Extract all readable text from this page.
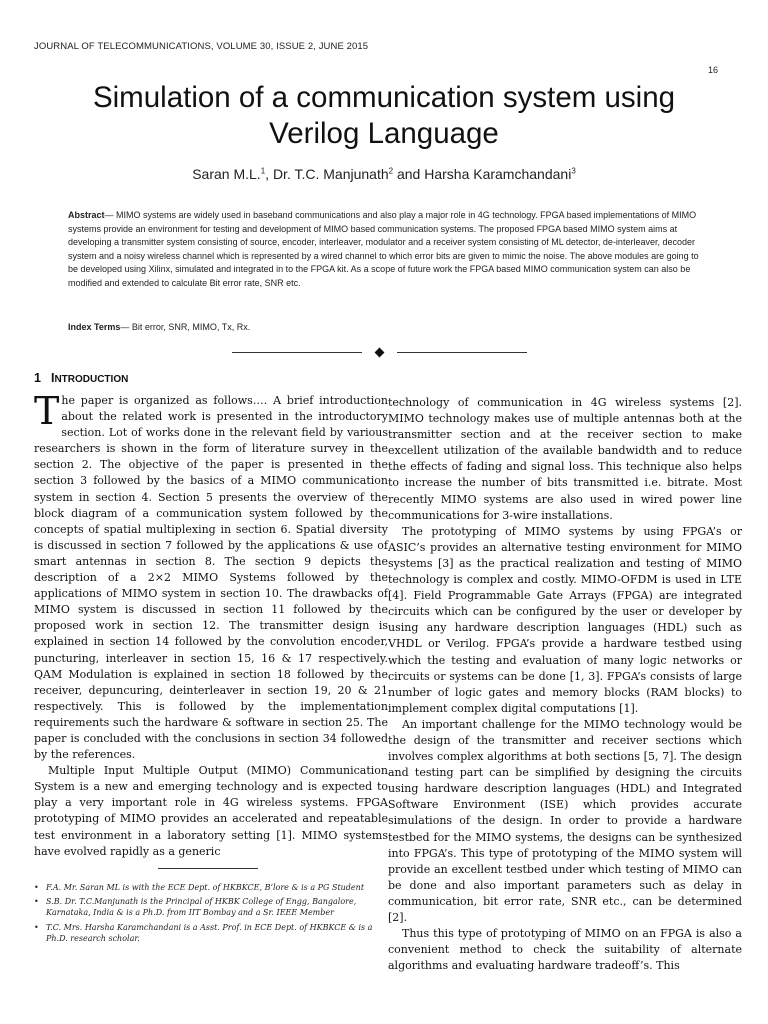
JOURNAL OF TELECOMMUNICATIONS, VOLUME 30, ISSUE 2, JUNE 2015
16
Simulation of a communication system using
Verilog Language
Saran M.L.$^1$, Dr. T.C. Manjunath$^2$ and Harsha Karamchandani$^3$
Abstract— MIMO systems are widely used in baseband communications and also play a major role in 4G technology. FPGA based implementations of MIMO systems provide an environment for testing and development of MIMO based communication systems. The proposed FPGA based MIMO system aims at developing a transmitter system consisting of source, encoder, interleaver, modulator and a receiver system consisting of ML detector, de-interleaver, decoder system and a noisy wireless channel which is represented by a wired channel to which error bits are given to mimic the noise. The above modules are going to be developed using Xilinx, simulated and integrated in to the FPGA kit. As a scope of future work the FPGA based MIMO communication system can also be modified and extended to calculate Bit error rate, SNR etc.
Index Terms— Bit error, SNR, MIMO, Tx, Rx.
1 INTRODUCTION

The paper is organized as follows…. A brief introduction about the related work is presented in the introductory section. Lot of works done in the relevant field by various researchers is shown in the form of literature survey in the section 2. The objective of the paper is presented in the section 3 followed by the basics of a MIMO communication system in section 4. Section 5 presents the overview of the block diagram of a communication system followed by the concepts of spatial multiplexing in section 6. Spatial diversity is discussed in section 7 followed by the applications & use of smart antennas in section 8. The section 9 depicts the description of a 2×2 MIMO Systems followed by the applications of MIMO system in section 10. The drawbacks of MIMO system is discussed in section 11 followed by the proposed work in section 12. The transmitter design is explained in section 14 followed by the convolution encoder, puncturing, interleaver in section 15, 16 & 17 respectively. QAM Modulation is explained in section 18 followed by the receiver, depuncuring, deinterleaver in section 19, 20 & 21 respectively. This is followed by the implementation requirements such the hardware & software in section 25. The paper is concluded with the conclusions in section 34 followed by the references.

Multiple Input Multiple Output (MIMO) Communication System is a new and emerging technology and is expected to play a very important role in 4G wireless systems. FPGA prototyping of MIMO provides an accelerated and repeatable test environment in a laboratory setting [1]. MIMO systems have evolved rapidly as a generic

• F.A. Mr. Saran ML is with the ECE Dept. of HKBKCE, B’lore & is a PG Student
• S.B. Dr. T.C.Manjunath is the Principal of HKBK College of Engg, Bangalore, Karnataka, India & is a Ph.D. from IIT Bombay and a Sr. IEEE Member
• T.C. Mrs. Harsha Karamchandani is a Asst. Prof. in ECE Dept. of HKBKCE & is a Ph.D. research scholar.

technology of communication in 4G wireless systems [2]. MIMO technology makes use of multiple antennas both at the transmitter section and at the receiver section to make excellent utilization of the available bandwidth and to reduce the effects of fading and signal loss. This technique also helps to increase the number of bits transmitted i.e. bitrate. Most recently MIMO systems are also used in wired power line communications for 3-wire installations.

The prototyping of MIMO systems by using FPGA’s or ASIC’s provides an alternative testing environment for MIMO systems [3] as the practical realization and testing of MIMO technology is complex and costly. MIMO-OFDM is used in LTE [4]. Field Programmable Gate Arrays (FPGA) are integrated circuits which can be configured by the user or developer by using any hardware description languages (HDL) such as VHDL or Verilog. FPGA’s provide a hardware testbed using which the testing and evaluation of many logic networks or circuits or systems can be done [1, 3]. FPGA’s consists of large number of logic gates and memory blocks (RAM blocks) to implement complex digital computations [1].

An important challenge for the MIMO technology would be the design of the transmitter and receiver sections which involves complex algorithms at both sections [5, 7]. The design and testing part can be simplified by designing the circuits using hardware description languages (HDL) and Integrated Software Environment (ISE) which provides accurate simulations of the design. In order to provide a hardware testbed for the MIMO systems, the designs can be synthesized into FPGA’s. This type of prototyping of the MIMO system will provide an excellent testbed under which testing of MIMO can be done and also important parameters such as delay in communication, bit error rate, SNR etc., can be determined [2].

Thus this type of prototyping of MIMO on an FPGA is also a convenient method to check the suitability of alternate algorithms and evaluating hardware tradeoff’s. This
